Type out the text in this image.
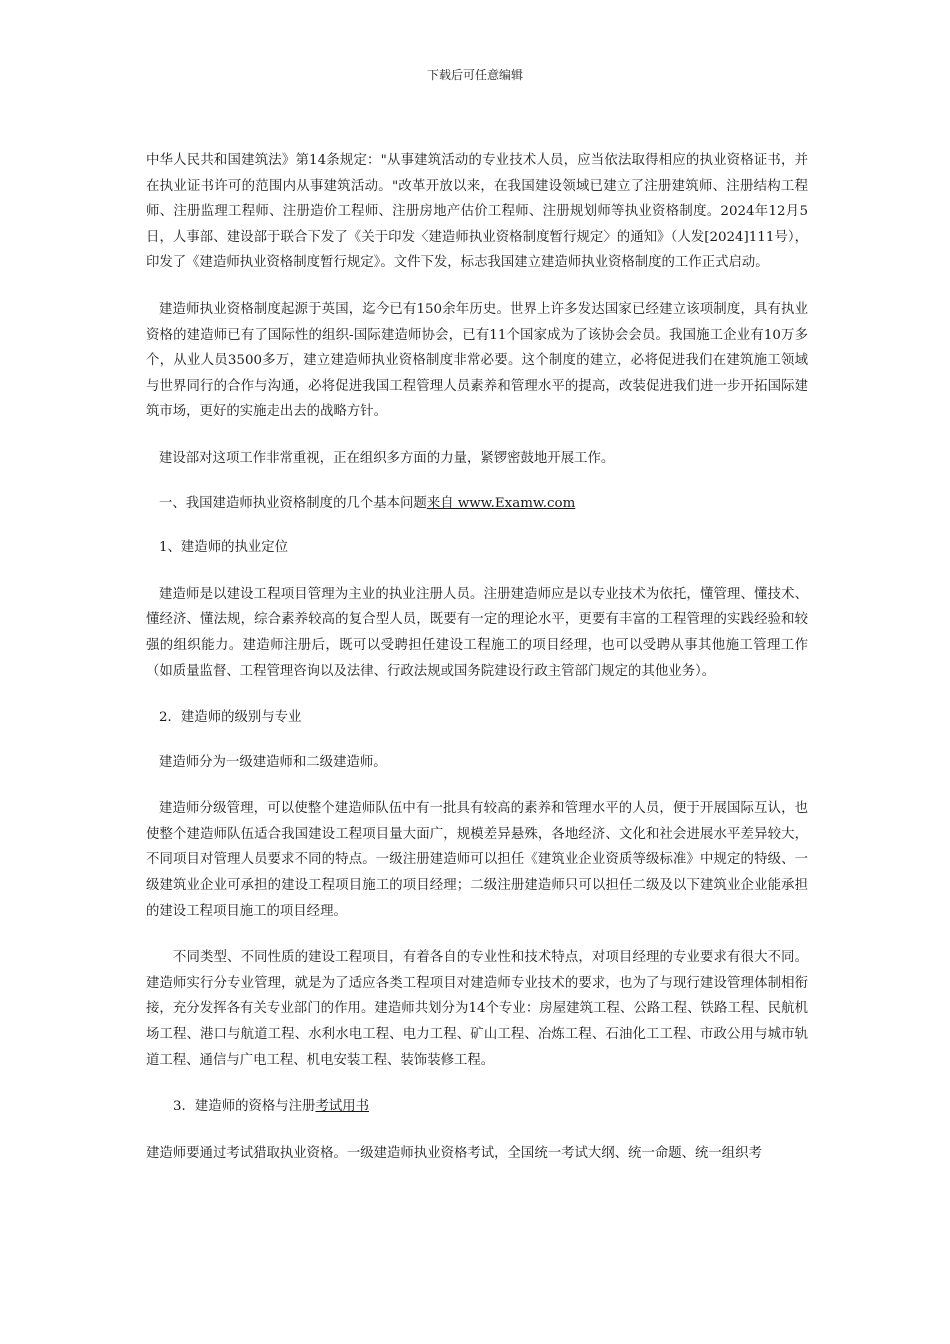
下载后可任意编辑

中华人民共和国建筑法》第14条规定："从事建筑活动的专业技术人员，应当依法取得相应的执业资格证书，并在执业证书许可的范围内从事建筑活动。"改革开放以来，在我国建设领域已建立了注册建筑师、注册结构工程师、注册监理工程师、注册造价工程师、注册房地产估价工程师、注册规划师等执业资格制度。2024年12月5日，人事部、建设部于联合下发了《关于印发〈建造师执业资格制度暂行规定〉的通知》（人发[2024]111号），印发了《建造师执业资格制度暂行规定》。文件下发，标志我国建立建造师执业资格制度的工作正式启动。

建造师执业资格制度起源于英国，迄今已有150余年历史。世界上许多发达国家已经建立该项制度，具有执业资格的建造师已有了国际性的组织-国际建造师协会，已有11个国家成为了该协会会员。我国施工企业有10万多个，从业人员3500多万，建立建造师执业资格制度非常必要。这个制度的建立，必将促进我们在建筑施工领域与世界同行的合作与沟通，必将促进我国工程管理人员素养和管理水平的提高，改装促进我们进一步开拓国际建筑市场，更好的实施走出去的战略方针。

建设部对这项工作非常重视，正在组织多方面的力量，紧锣密鼓地开展工作。

一、我国建造师执业资格制度的几个基本问题来自 www.Examw.com

1、建造师的执业定位

建造师是以建设工程项目管理为主业的执业注册人员。注册建造师应是以专业技术为依托，懂管理、懂技术、懂经济、懂法规，综合素养较高的复合型人员，既要有一定的理论水平，更要有丰富的工程管理的实践经验和较强的组织能力。建造师注册后，既可以受聘担任建设工程施工的项目经理，也可以受聘从事其他施工管理工作（如质量监督、工程管理咨询以及法律、行政法规或国务院建设行政主管部门规定的其他业务）。

2．建造师的级别与专业

建造师分为一级建造师和二级建造师。

建造师分级管理，可以使整个建造师队伍中有一批具有较高的素养和管理水平的人员，便于开展国际互认，也使整个建造师队伍适合我国建设工程项目量大面广，规模差异悬殊，各地经济、文化和社会进展水平差异较大，不同项目对管理人员要求不同的特点。一级注册建造师可以担任《建筑业企业资质等级标准》中规定的特级、一级建筑业企业可承担的建设工程项目施工的项目经理；二级注册建造师只可以担任二级及以下建筑业企业能承担的建设工程项目施工的项目经理。

不同类型、不同性质的建设工程项目，有着各自的专业性和技术特点，对项目经理的专业要求有很大不同。建造师实行分专业管理，就是为了适应各类工程项目对建造师专业技术的要求，也为了与现行建设管理体制相衔接，充分发挥各有关专业部门的作用。建造师共划分为14个专业：房屋建筑工程、公路工程、铁路工程、民航机场工程、港口与航道工程、水利水电工程、电力工程、矿山工程、冶炼工程、石油化工工程、市政公用与城市轨道工程、通信与广电工程、机电安装工程、装饰装修工程。

3．建造师的资格与注册考试用书

建造师要通过考试猎取执业资格。一级建造师执业资格考试，全国统一考试大纲、统一命题、统一组织考
